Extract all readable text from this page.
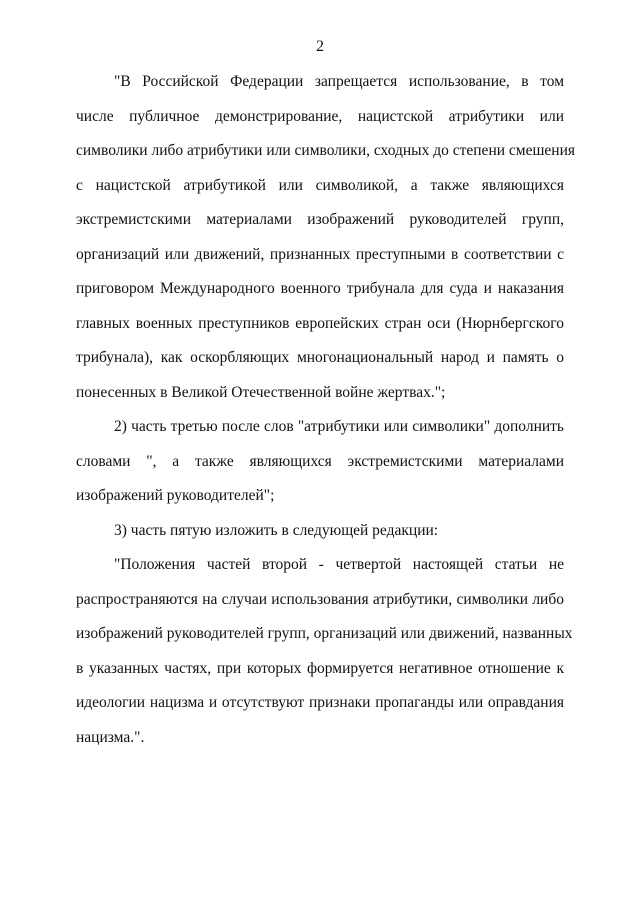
2
"В Российской Федерации запрещается использование, в том
числе публичное демонстрирование, нацистской атрибутики или
символики либо атрибутики или символики, сходных до степени смешения
с нацистской атрибутикой или символикой, а также являющихся
экстремистскими материалами изображений руководителей групп,
организаций или движений, признанных преступными в соответствии с
приговором Международного военного трибунала для суда и наказания
главных военных преступников европейских стран оси (Нюрнбергского
трибунала), как оскорбляющих многонациональный народ и память о
понесенных в Великой Отечественной войне жертвах.";
2) часть третью после слов "атрибутики или символики" дополнить
словами ", а также являющихся экстремистскими материалами
изображений руководителей";
3) часть пятую изложить в следующей редакции:
"Положения частей второй - четвертой настоящей статьи не
распространяются на случаи использования атрибутики, символики либо
изображений руководителей групп, организаций или движений, названных
в указанных частях, при которых формируется негативное отношение к
идеологии нацизма и отсутствуют признаки пропаганды или оправдания
нацизма.".
